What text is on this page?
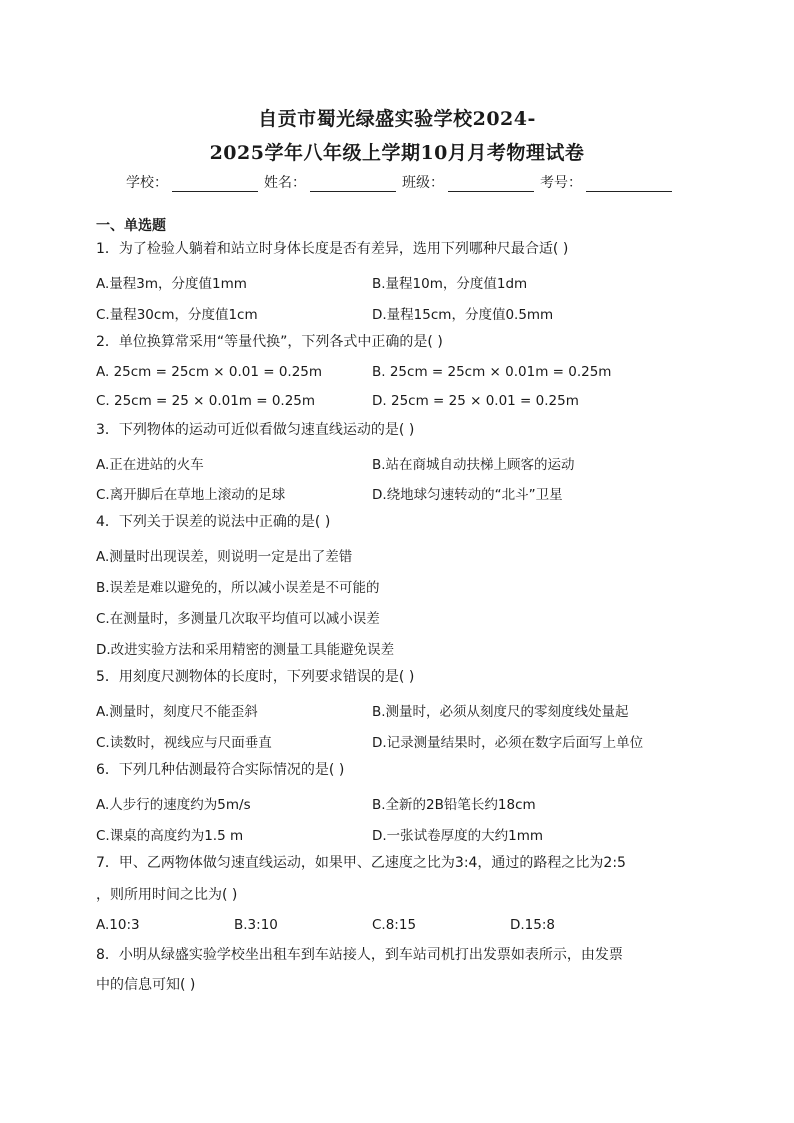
自贡市蜀光绿盛实验学校2024-
2025学年八年级上学期10月月考物理试卷
学校：	姓名：	班级：	考号：
一、单选题
1．为了检验人躺着和站立时身体长度是否有差异，选用下列哪种尺最合适( )
A.量程3m，分度值1mm	B.量程10m，分度值1dm
C.量程30cm，分度值1cm	D.量程15cm，分度值0.5mm
2．单位换算常采用“等量代换”，下列各式中正确的是( )
A. 25cm = 25cm × 0.01 = 0.25m	B. 25cm = 25cm × 0.01m = 0.25m
C. 25cm = 25 × 0.01m = 0.25m	D. 25cm = 25 × 0.01 = 0.25m
3．下列物体的运动可近似看做匀速直线运动的是( )
A.正在进站的火车	B.站在商城自动扶梯上顾客的运动
C.离开脚后在草地上滚动的足球	D.绕地球匀速转动的“北斗”卫星
4．下列关于误差的说法中正确的是( )
A.测量时出现误差，则说明一定是出了差错
B.误差是难以避免的，所以减小误差是不可能的
C.在测量时，多测量几次取平均值可以减小误差
D.改进实验方法和采用精密的测量工具能避免误差
5．用刻度尺测物体的长度时，下列要求错误的是( )
A.测量时，刻度尺不能歪斜	B.测量时，必须从刻度尺的零刻度线处量起
C.读数时，视线应与尺面垂直	D.记录测量结果时，必须在数字后面写上单位
6．下列几种估测最符合实际情况的是( )
A.人步行的速度约为5m/s	B.全新的2B铅笔长约18cm
C.课桌的高度约为1.5 m	D.一张试卷厚度的大约1mm
7．甲、乙两物体做匀速直线运动，如果甲、乙速度之比为3:4，通过的路程之比为2:5
，则所用时间之比为( )
A.10:3	B.3:10	C.8:15	D.15:8
8．小明从绿盛实验学校坐出租车到车站接人，到车站司机打出发票如表所示，由发票
中的信息可知( )
